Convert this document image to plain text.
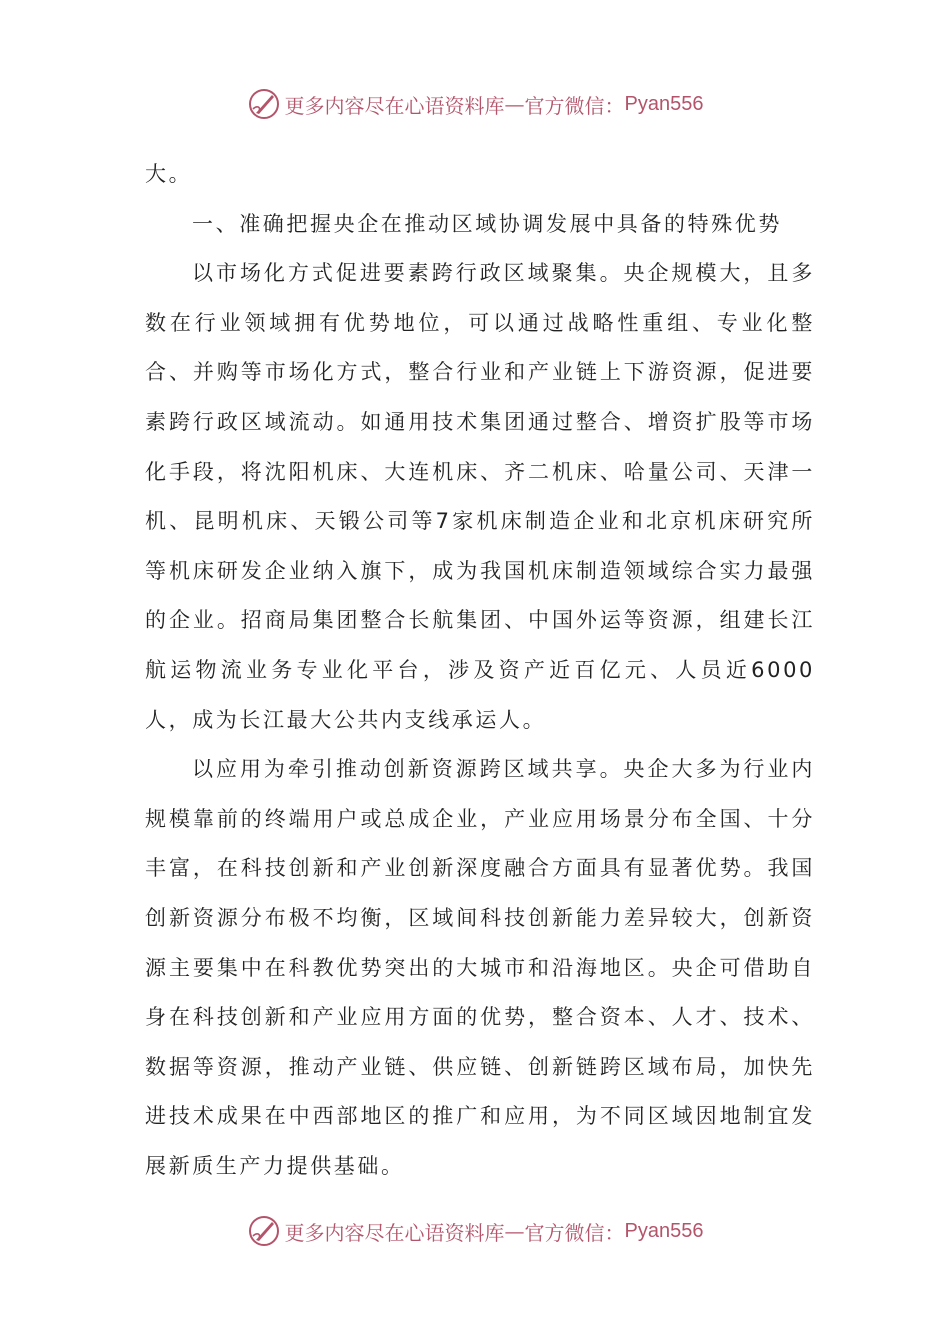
更多内容尽在心语资料库 — 官方微信： Pyan556

大。

一、准确把握央企在推动区域协调发展中具备的特殊优势

以市场化方式促进要素跨行政区域聚集。央企规模大，且多数在行业领域拥有优势地位，可以通过战略性重组、专业化整合、并购等市场化方式，整合行业和产业链上下游资源，促进要素跨行政区域流动。如通用技术集团通过整合、增资扩股等市场化手段，将沈阳机床、大连机床、齐二机床、哈量公司、天津一机、昆明机床、天锻公司等7家机床制造企业和北京机床研究所等机床研发企业纳入旗下，成为我国机床制造领域综合实力最强的企业。招商局集团整合长航集团、中国外运等资源，组建长江航运物流业务专业化平台，涉及资产近百亿元、人员近6000人，成为长江最大公共内支线承运人。

以应用为牵引推动创新资源跨区域共享。央企大多为行业内规模靠前的终端用户或总成企业，产业应用场景分布全国、十分丰富，在科技创新和产业创新深度融合方面具有显著优势。我国创新资源分布极不均衡，区域间科技创新能力差异较大，创新资源主要集中在科教优势突出的大城市和沿海地区。央企可借助自身在科技创新和产业应用方面的优势，整合资本、人才、技术、数据等资源，推动产业链、供应链、创新链跨区域布局，加快先进技术成果在中西部地区的推广和应用，为不同区域因地制宜发展新质生产力提供基础。

更多内容尽在心语资料库 — 官方微信： Pyan556
